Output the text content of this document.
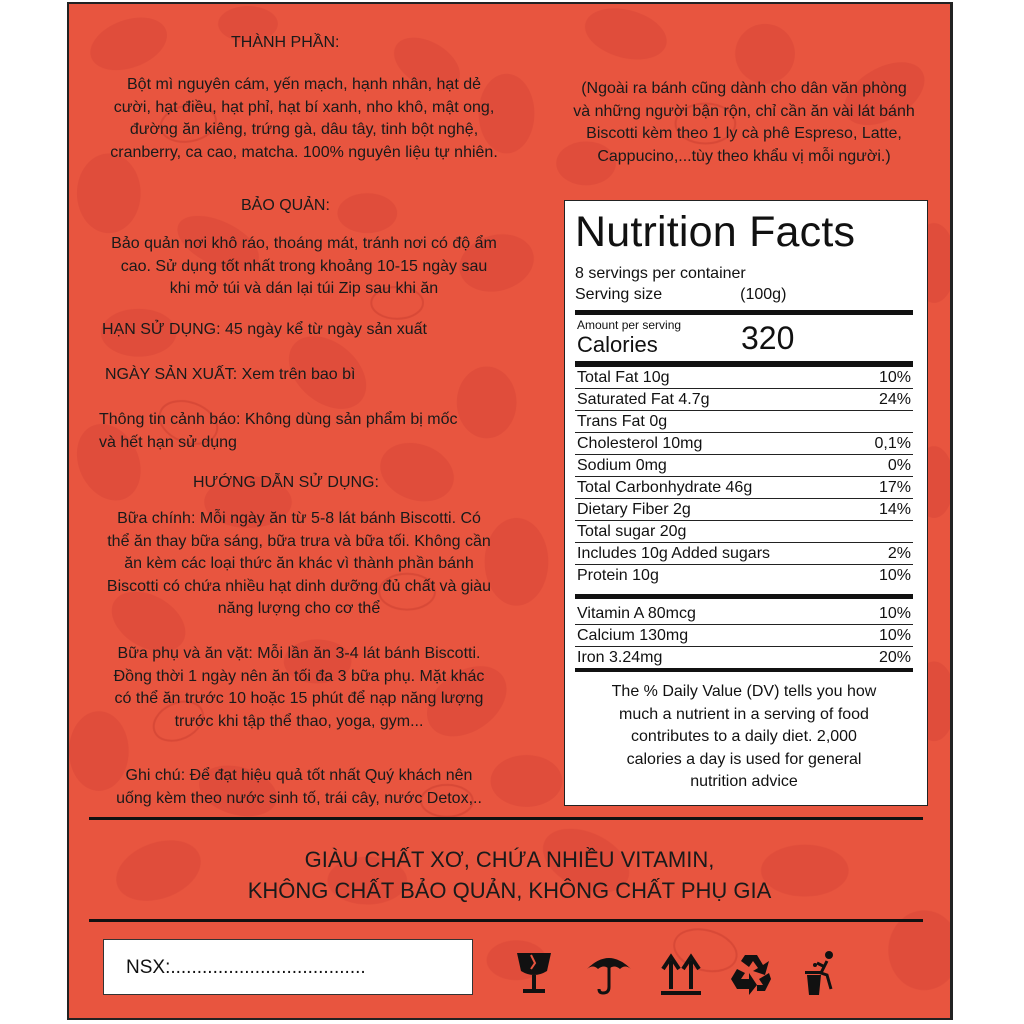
THÀNH PHẦN:
Bột mì nguyên cám, yến mạch, hạnh nhân, hạt dẻ
cười, hạt điều, hạt phỉ, hạt bí xanh, nho khô, mật ong,
đường ăn kiêng, trứng gà, dâu tây, tinh bột nghệ,
cranberry, ca cao, matcha. 100% nguyên liệu tự nhiên.
BẢO QUẢN:
Bảo quản nơi khô ráo, thoáng mát, tránh nơi có độ ẩm
cao. Sử dụng tốt nhất trong khoảng 10-15 ngày sau
khi mở túi và dán lại túi Zip sau khi ăn
HẠN SỬ DỤNG: 45 ngày kể từ ngày sản xuất
NGÀY SẢN XUẤT: Xem trên bao bì
Thông tin cảnh báo: Không dùng sản phẩm bị mốc
và hết hạn sử dụng
HƯỚNG DẪN SỬ DỤNG:
Bữa chính: Mỗi ngày ăn từ 5-8 lát bánh Biscotti. Có
thể ăn thay bữa sáng, bữa trưa và bữa tối. Không cần
ăn kèm các loại thức ăn khác vì thành phần bánh
Biscotti có chứa nhiều hạt dinh dưỡng đủ chất và giàu
năng lượng cho cơ thể
Bữa phụ và ăn vặt: Mỗi lần ăn 3-4 lát bánh Biscotti.
Đồng thời 1 ngày nên ăn tối đa 3 bữa phụ. Mặt khác
có thể ăn trước 10 hoặc 15 phút để nạp năng lượng
trước khi tập thể thao, yoga, gym...
Ghi chú: Để đạt hiệu quả tốt nhất Quý khách nên
uống kèm theo nước sinh tố, trái cây, nước Detox,..
(Ngoài ra bánh cũng dành cho dân văn phòng
và những người bận rộn, chỉ cần ăn vài lát bánh
Biscotti kèm theo 1 ly cà phê Espreso, Latte,
Cappucino,...tùy theo khẩu vị mỗi người.)
Nutrition Facts
8 servings per container
Serving size	(100g)
Amount per serving
Calories	320
Total Fat 10g	10%
Saturated Fat 4.7g	24%
Trans Fat 0g
Cholesterol 10mg	0,1%
Sodium 0mg	0%
Total Carbonhydrate 46g	17%
Dietary Fiber 2g	14%
Total sugar 20g
Includes 10g Added sugars	2%
Protein 10g	10%
Vitamin A 80mcg	10%
Calcium 130mg	10%
Iron 3.24mg	20%
The % Daily Value (DV) tells you how
much a nutrient in a serving of food
contributes to a daily diet. 2,000
calories a day is used for general
nutrition advice
GIÀU CHẤT XƠ, CHỨA NHIỀU VITAMIN,
KHÔNG CHẤT BẢO QUẢN, KHÔNG CHẤT PHỤ GIA
NSX:.....................................
